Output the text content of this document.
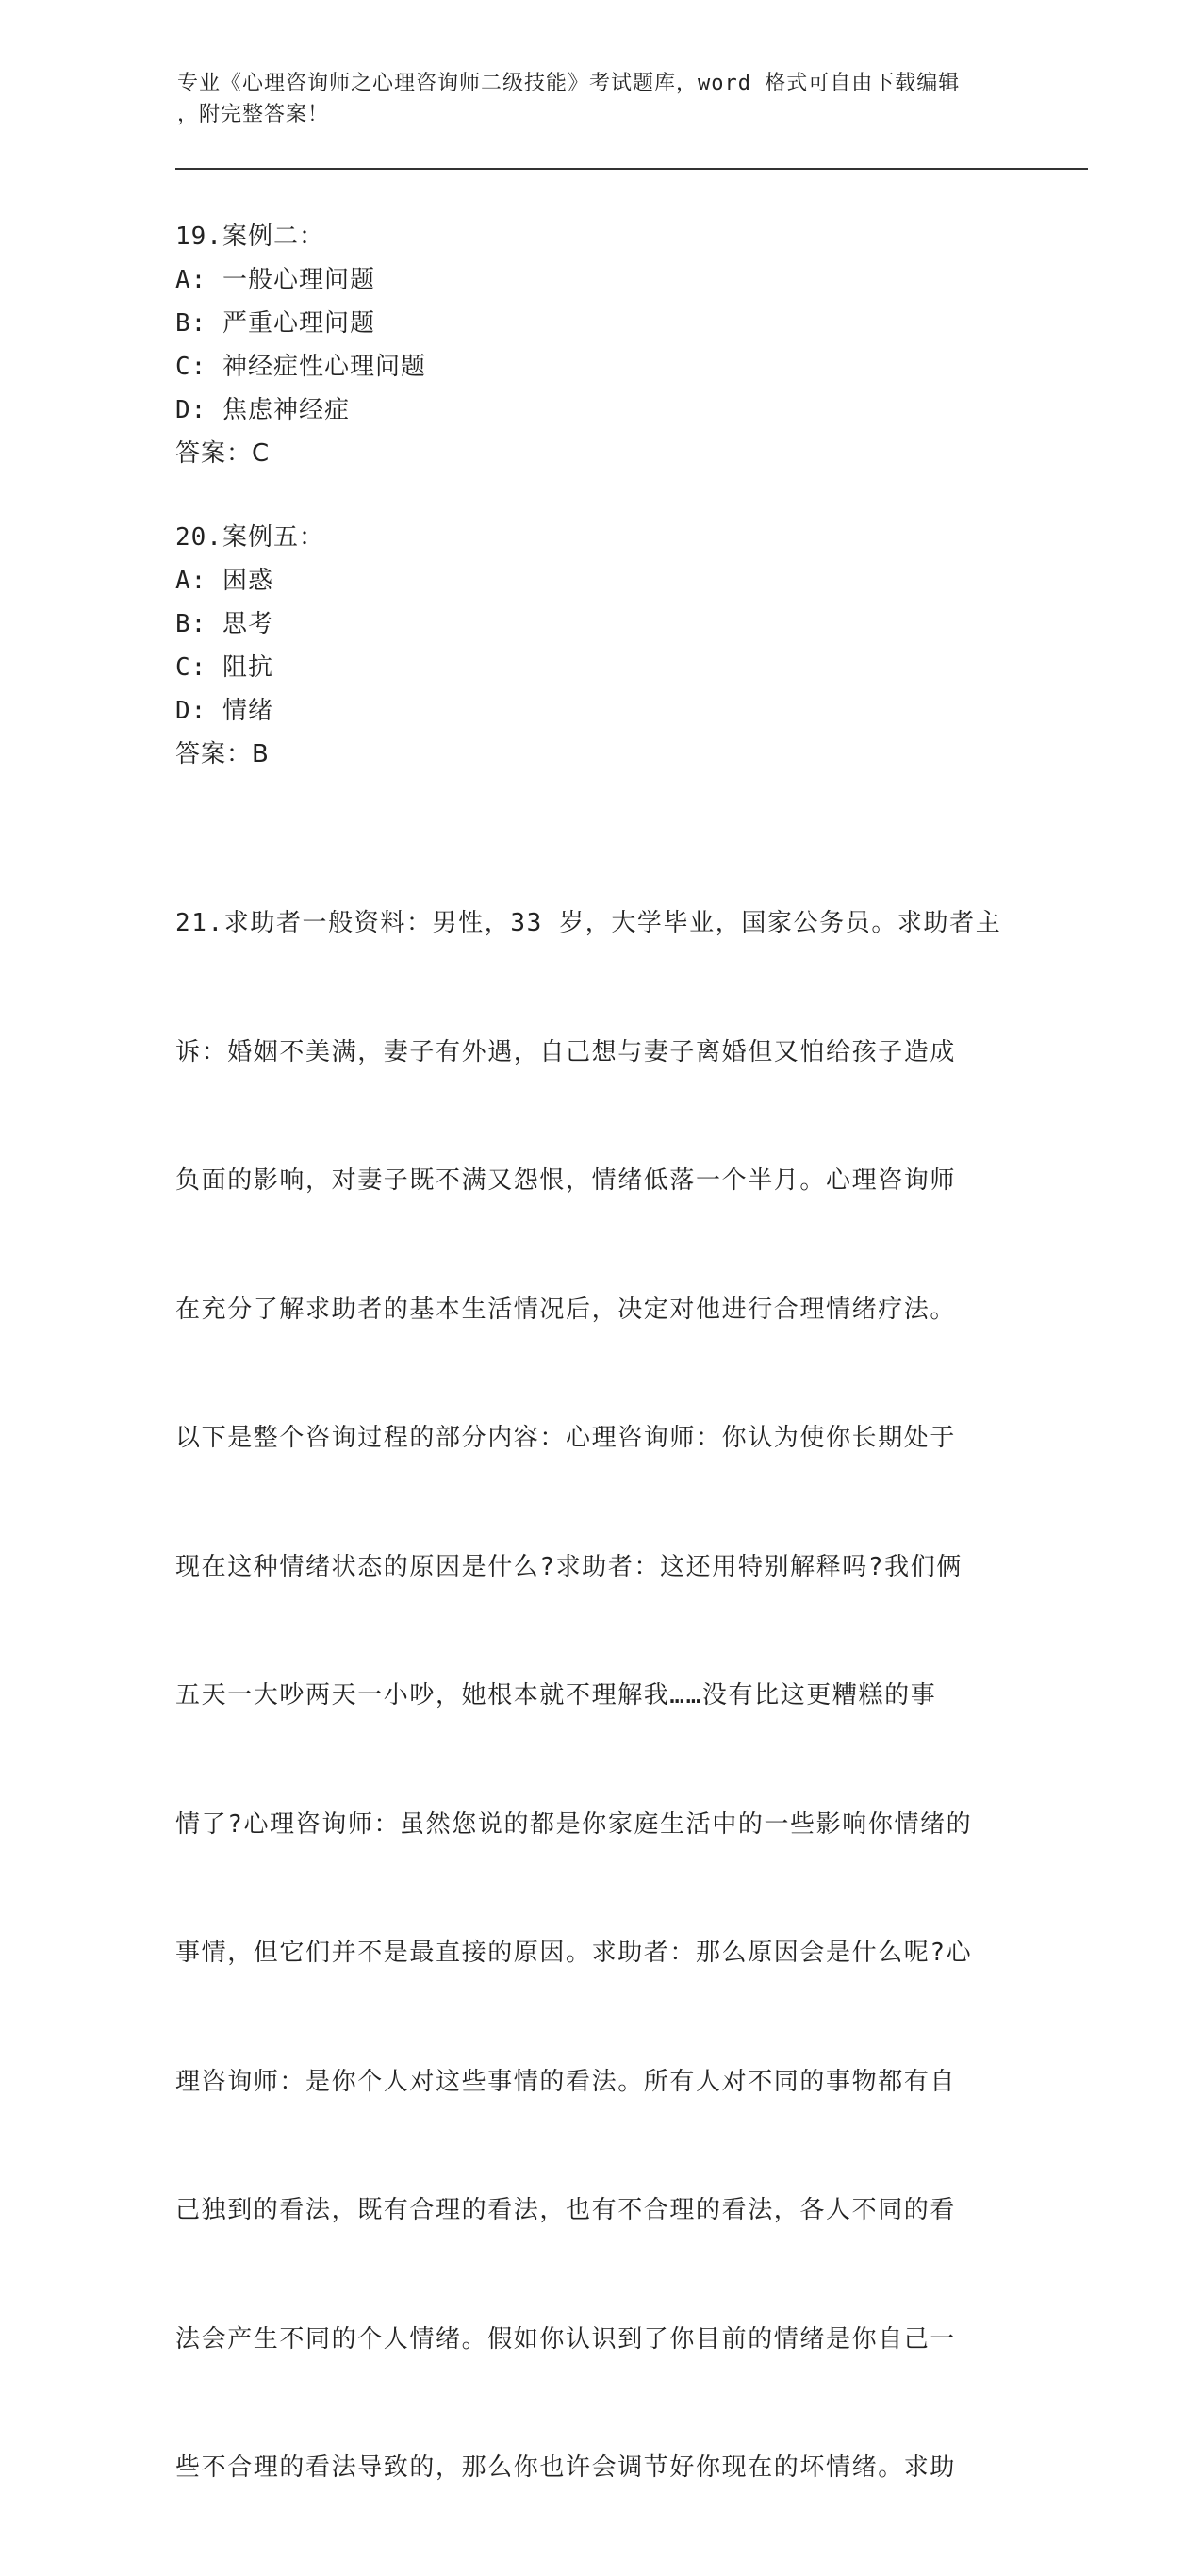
专业《心理咨询师之心理咨询师二级技能》考试题库，word 格式可自由下载编辑
，附完整答案！
19.案例二：
A: 一般心理问题
B: 严重心理问题
C: 神经症性心理问题
D: 焦虑神经症
答案：C
20.案例五：
A: 困惑
B: 思考
C: 阻抗
D: 情绪
答案：B

21.求助者一般资料：男性，33 岁，大学毕业，国家公务员。求助者主

诉：婚姻不美满，妻子有外遇，自己想与妻子离婚但又怕给孩子造成

负面的影响，对妻子既不满又怨恨，情绪低落一个半月。心理咨询师

在充分了解求助者的基本生活情况后，决定对他进行合理情绪疗法。

以下是整个咨询过程的部分内容：心理咨询师：你认为使你长期处于

现在这种情绪状态的原因是什么?求助者：这还用特别解释吗?我们俩

五天一大吵两天一小吵，她根本就不理解我……没有比这更糟糕的事

情了?心理咨询师：虽然您说的都是你家庭生活中的一些影响你情绪的

事情，但它们并不是最直接的原因。求助者：那么原因会是什么呢?心

理咨询师：是你个人对这些事情的看法。所有人对不同的事物都有自

己独到的看法，既有合理的看法，也有不合理的看法，各人不同的看

法会产生不同的个人情绪。假如你认识到了你目前的情绪是你自己一

些不合理的看法导致的，那么你也许会调节好你现在的坏情绪。求助
